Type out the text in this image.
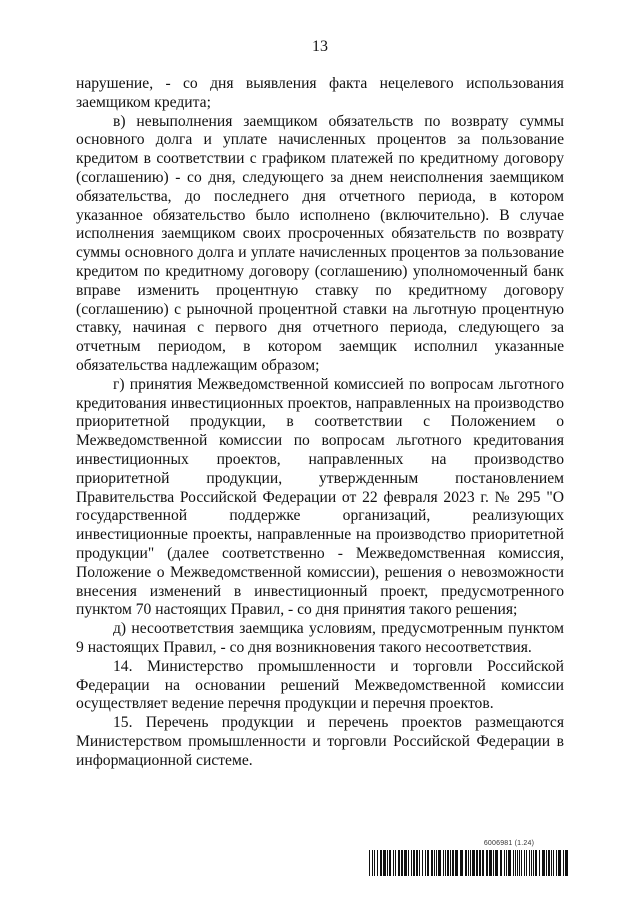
13

нарушение, - со дня выявления факта нецелевого использования заемщиком кредита;

в) невыполнения заемщиком обязательств по возврату суммы основного долга и уплате начисленных процентов за пользование кредитом в соответствии с графиком платежей по кредитному договору (соглашению) - со дня, следующего за днем неисполнения заемщиком обязательства, до последнего дня отчетного периода, в котором указанное обязательство было исполнено (включительно). В случае исполнения заемщиком своих просроченных обязательств по возврату суммы основного долга и уплате начисленных процентов за пользование кредитом по кредитному договору (соглашению) уполномоченный банк вправе изменить процентную ставку по кредитному договору (соглашению) с рыночной процентной ставки на льготную процентную ставку, начиная с первого дня отчетного периода, следующего за отчетным периодом, в котором заемщик исполнил указанные обязательства надлежащим образом;

г) принятия Межведомственной комиссией по вопросам льготного кредитования инвестиционных проектов, направленных на производство приоритетной продукции, в соответствии с Положением о Межведомственной комиссии по вопросам льготного кредитования инвестиционных проектов, направленных на производство приоритетной продукции, утвержденным постановлением Правительства Российской Федерации от 22 февраля 2023 г. № 295 "О государственной поддержке организаций, реализующих инвестиционные проекты, направленные на производство приоритетной продукции" (далее соответственно - Межведомственная комиссия, Положение о Межведомственной комиссии), решения о невозможности внесения изменений в инвестиционный проект, предусмотренного пунктом 70 настоящих Правил, - со дня принятия такого решения;

д) несоответствия заемщика условиям, предусмотренным пунктом 9 настоящих Правил, - со дня возникновения такого несоответствия.

14. Министерство промышленности и торговли Российской Федерации на основании решений Межведомственной комиссии осуществляет ведение перечня продукции и перечня проектов.

15. Перечень продукции и перечень проектов размещаются Министерством промышленности и торговли Российской Федерации в информационной системе.

6006981 (1.24)
